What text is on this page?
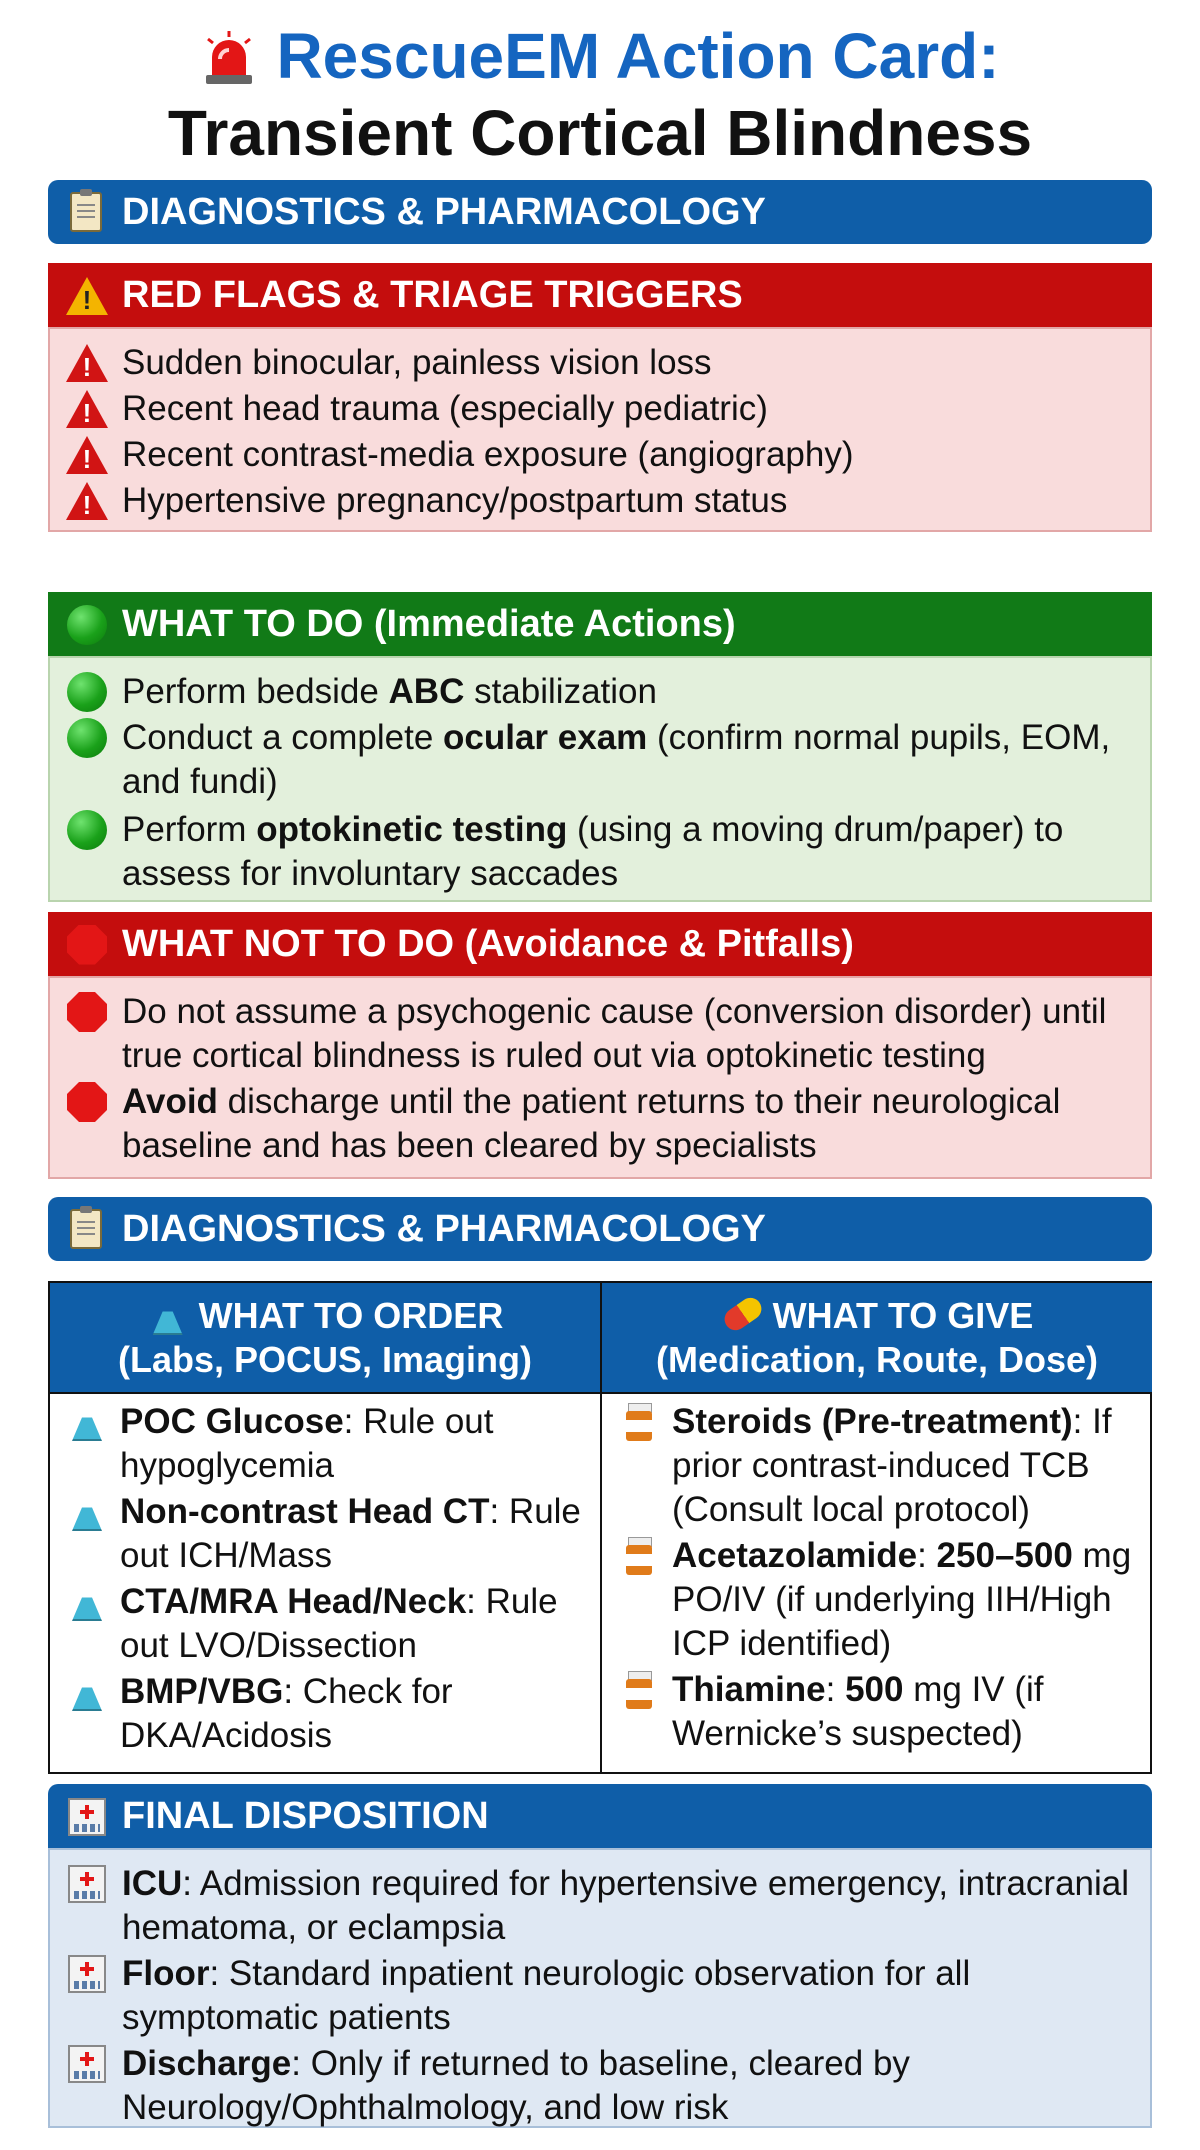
RescueEM Action Card:
Transient Cortical Blindness
DIAGNOSTICS & PHARMACOLOGY
! RED FLAGS & TRIAGE TRIGGERS
! Sudden binocular, painless vision loss
! Recent head trauma (especially pediatric)
! Recent contrast-media exposure (angiography)
! Hypertensive pregnancy/postpartum status
WHAT TO DO (Immediate Actions)
Perform bedside ABC stabilization
Conduct a complete ocular exam (confirm normal pupils, EOM, and fundi)
Perform optokinetic testing (using a moving drum/paper) to assess for involuntary saccades
WHAT NOT TO DO (Avoidance & Pitfalls)
Do not assume a psychogenic cause (conversion disorder) until true cortical blindness is ruled out via optokinetic testing
Avoid discharge until the patient returns to their neurological baseline and has been cleared by specialists
DIAGNOSTICS & PHARMACOLOGY
WHAT TO ORDER
(Labs, POCUS, Imaging)
WHAT TO GIVE
(Medication, Route, Dose)
POC Glucose: Rule out hypoglycemia
Non-contrast Head CT: Rule out ICH/Mass
CTA/MRA Head/Neck: Rule out LVO/Dissection
BMP/VBG: Check for DKA/Acidosis
Steroids (Pre-treatment): If prior contrast-induced TCB (Consult local protocol)
Acetazolamide: 250–500 mg PO/IV (if underlying IIH/High ICP identified)
Thiamine: 500 mg IV (if Wernicke’s suspected)
FINAL DISPOSITION
ICU: Admission required for hypertensive emergency, intracranial hematoma, or eclampsia
Floor: Standard inpatient neurologic observation for all symptomatic patients
Discharge: Only if returned to baseline, cleared by Neurology/Ophthalmology, and low risk
